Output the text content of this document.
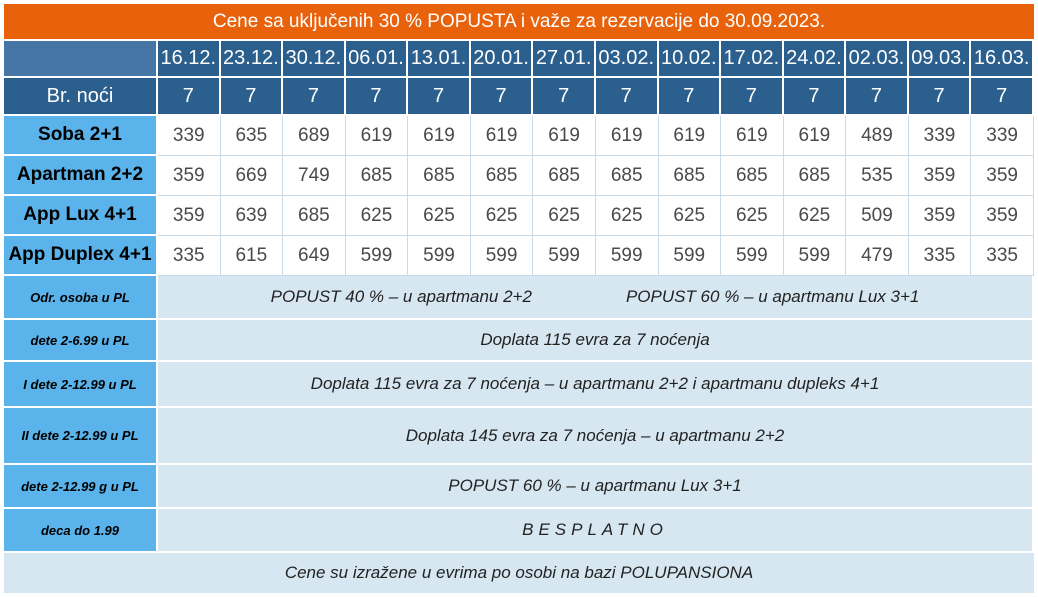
Cene sa uključenih 30 % POPUSTA i važe za rezervacije do 30.09.2023.														
	16.12.	23.12.	30.12.	06.01.	13.01.	20.01.	27.01.	03.02.	10.02.	17.02.	24.02.	02.03.	09.03.	16.03.
Br. noći	7	7	7	7	7	7	7	7	7	7	7	7	7	7
Soba 2+1	339	635	689	619	619	619	619	619	619	619	619	489	339	339
Apartman 2+2	359	669	749	685	685	685	685	685	685	685	685	535	359	359
App Lux 4+1	359	639	685	625	625	625	625	625	625	625	625	509	359	359
App Duplex 4+1	335	615	649	599	599	599	599	599	599	599	599	479	335	335
Odr. osoba u PL	POPUST 40 % – u apartmanu 2+2 POPUST 60 % – u apartmanu Lux 3+1													
dete 2-6.99 u PL	Doplata 115 evra za 7 noćenja													
I dete 2-12.99 u PL	Doplata 115 evra za 7 noćenja – u apartmanu 2+2 i apartmanu dupleks 4+1													
II dete 2-12.99 u PL	Doplata 145 evra za 7 noćenja – u apartmanu 2+2													
dete 2-12.99 g u PL	POPUST 60 % – u apartmanu Lux 3+1													
deca do 1.99	BESPLATNO													
Cene su izražene u evrima po osobi na bazi POLUPANSIONA														
